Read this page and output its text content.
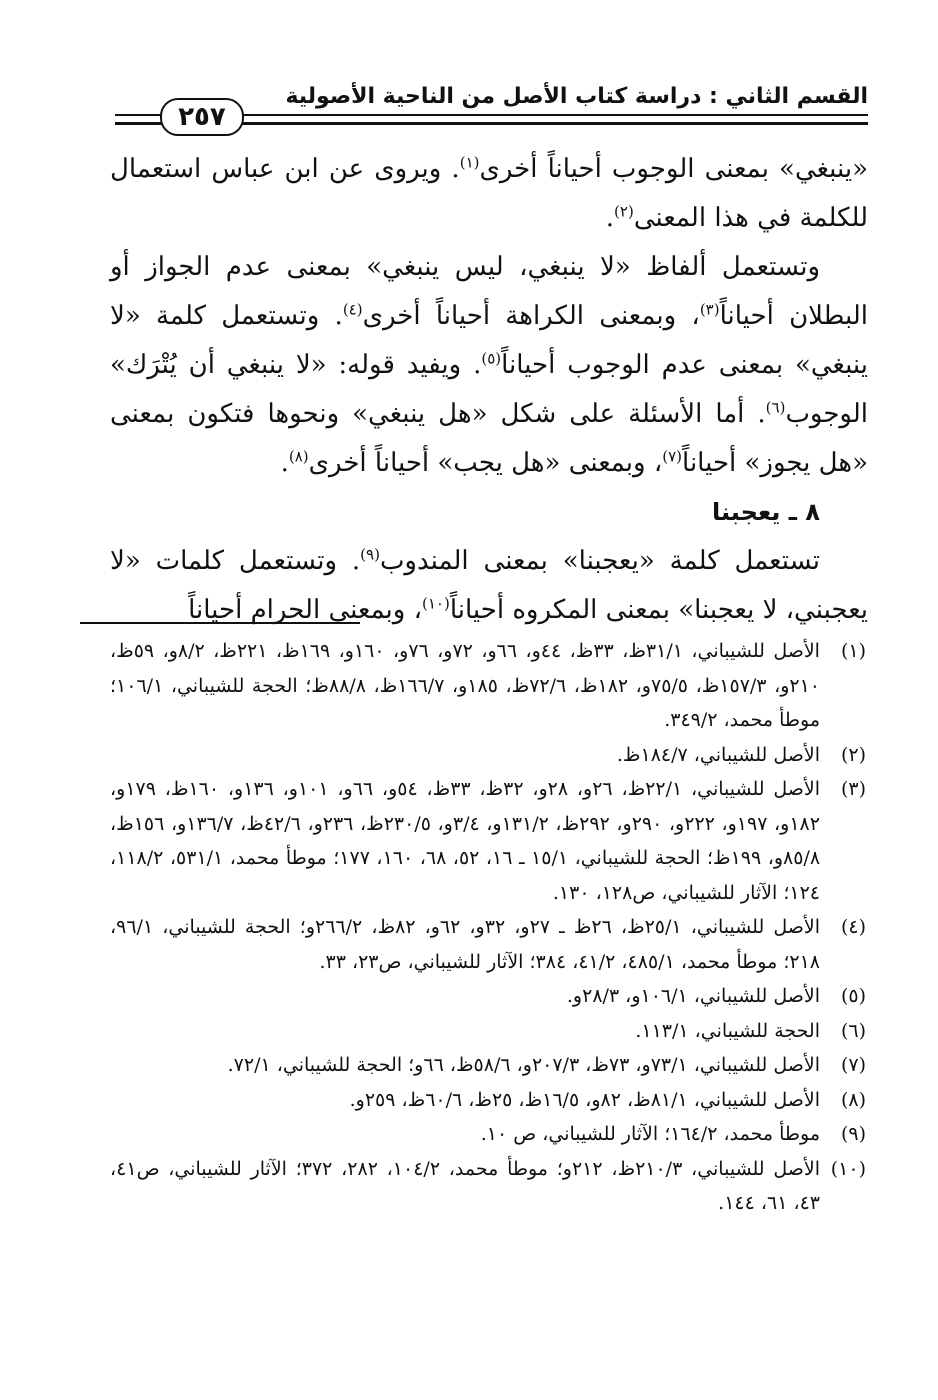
القسم الثاني : دراسة كتاب الأصل من الناحية الأصولية
٢٥٧

«ينبغي» بمعنى الوجوب أحياناً أخرى$^{(١)}$. ويروى عن ابن عباس استعمال للكلمة في هذا المعنى$^{(٢)}$.

وتستعمل ألفاظ «لا ينبغي، ليس ينبغي» بمعنى عدم الجواز أو البطلان أحياناً$^{(٣)}$، وبمعنى الكراهة أحياناً أخرى$^{(٤)}$. وتستعمل كلمة «لا ينبغي» بمعنى عدم الوجوب أحياناً$^{(٥)}$. ويفيد قوله: «لا ينبغي أن يُتْرَك» الوجوب$^{(٦)}$. أما الأسئلة على شكل «هل ينبغي» ونحوها فتكون بمعنى «هل يجوز» أحياناً$^{(٧)}$، وبمعنى «هل يجب» أحياناً أخرى$^{(٨)}$.

٨ ـ يعجبنا

تستعمل كلمة «يعجبنا» بمعنى المندوب$^{(٩)}$. وتستعمل كلمات «لا يعجبني، لا يعجبنا» بمعنى المكروه أحياناً$^{(١٠)}$، وبمعنى الحرام أحياناً

(١)
الأصل للشيباني، ٣١/١ظ، ٣٣ظ، ٤٤و، ٦٦و، ٧٢و، ٧٦و، ١٦٠و، ١٦٩ظ، ٢٢١ظ، ٨/٢و، ٥٩ظ، ٢١٠و، ١٥٧/٣ظ، ٧٥/٥و، ١٨٢ظ، ٧٢/٦ظ، ١٨٥و، ١٦٦/٧ظ، ٨٨/٨ظ؛ الحجة للشيباني، ١٠٦/١؛ موطأ محمد، ٣٤٩/٢.
(٢)
الأصل للشيباني، ١٨٤/٧ظ.
(٣)
الأصل للشيباني، ٢٢/١ظ، ٢٦و، ٢٨و، ٣٢ظ، ٣٣ظ، ٥٤و، ٦٦و، ١٠١و، ١٣٦و، ١٦٠ظ، ١٧٩و، ١٨٢و، ١٩٧و، ٢٢٢و، ٢٩٠و، ٢٩٢ظ، ١٣١/٢و، ٣/٤و، ٢٣٠/٥ظ، ٢٣٦و، ٤٢/٦ظ، ١٣٦/٧و، ١٥٦ظ، ٨٥/٨و، ١٩٩ظ؛ الحجة للشيباني، ١٥/١ ـ ١٦، ٥٢، ٦٨، ١٦٠، ١٧٧؛ موطأ محمد، ٥٣١/١، ١١٨/٢، ١٢٤؛ الآثار للشيباني، ص١٢٨، ١٣٠.
(٤)
الأصل للشيباني، ٢٥/١ظ، ٢٦ظ ـ ٢٧و، ٣٢و، ٦٢و، ٨٢ظ، ٢٦٦/٢و؛ الحجة للشيباني، ٩٦/١، ٢١٨؛ موطأ محمد، ٤٨٥/١، ٤١/٢، ٣٨٤؛ الآثار للشيباني، ص٢٣، ٣٣.
(٥)
الأصل للشيباني، ١٠٦/١و، ٢٨/٣و.
(٦)
الحجة للشيباني، ١١٣/١.
(٧)
الأصل للشيباني، ٧٣/١و، ٧٣ظ، ٢٠٧/٣و، ٥٨/٦ظ، ٦٦و؛ الحجة للشيباني، ٧٢/١.
(٨)
الأصل للشيباني، ٨١/١ظ، ٨٢و، ١٦/٥ظ، ٢٥ظ، ٦٠/٦ظ، ٢٥٩و.
(٩)
موطأ محمد، ١٦٤/٢؛ الآثار للشيباني، ص ١٠.
(١٠)
الأصل للشيباني، ٢١٠/٣ظ، ٢١٢و؛ موطأ محمد، ١٠٤/٢، ٢٨٢، ٣٧٢؛ الآثار للشيباني، ص٤١، ٤٣، ٦١، ١٤٤.
